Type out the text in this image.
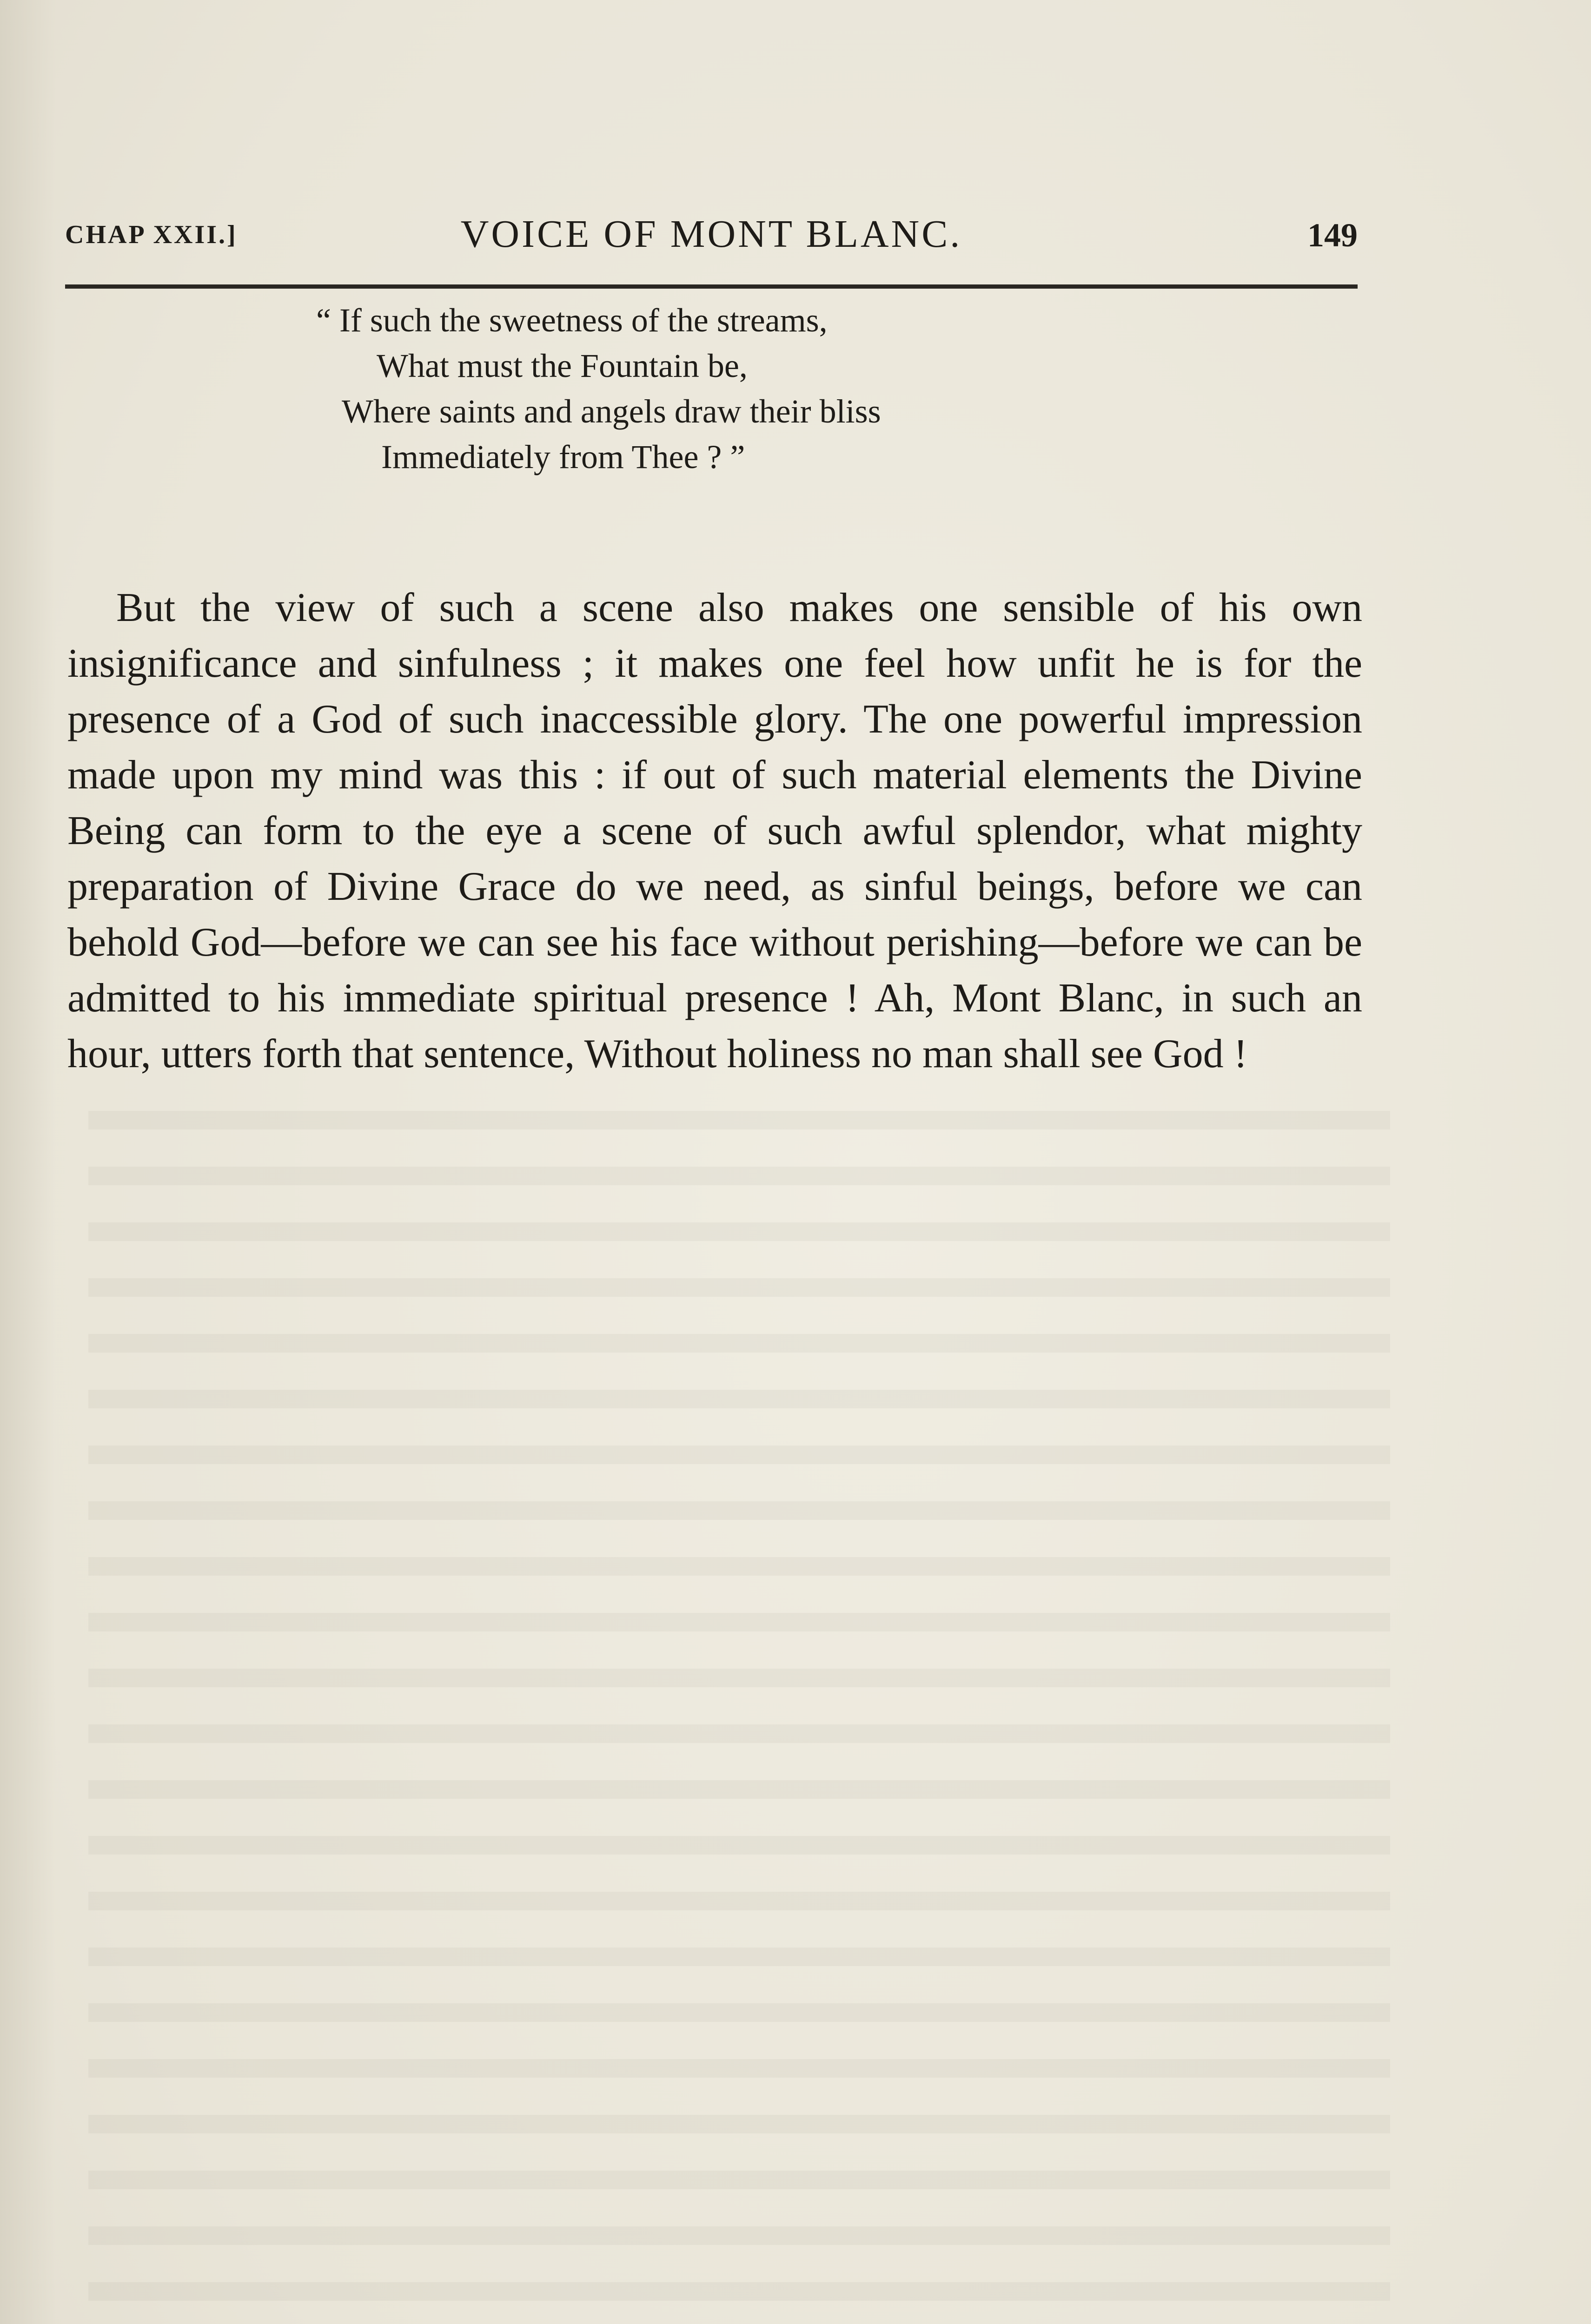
CHAP XXII.]	VOICE OF MONT BLANC.	149
“ If such the sweetness of the streams,
What must the Fountain be,
Where saints and angels draw their bliss
Immediately from Thee ? ”

But the view of such a scene also makes one sensible of his own insignificance and sinfulness ; it makes one feel how unfit he is for the presence of a God of such inaccessible glory. The one powerful impression made upon my mind was this : if out of such material elements the Divine Being can form to the eye a scene of such awful splendor, what mighty preparation of Divine Grace do we need, as sinful beings, before we can behold God—before we can see his face without perishing—before we can be admitted to his immediate spiritual presence ! Ah, Mont Blanc, in such an hour, utters forth that sentence, Without holiness no man shall see God !
